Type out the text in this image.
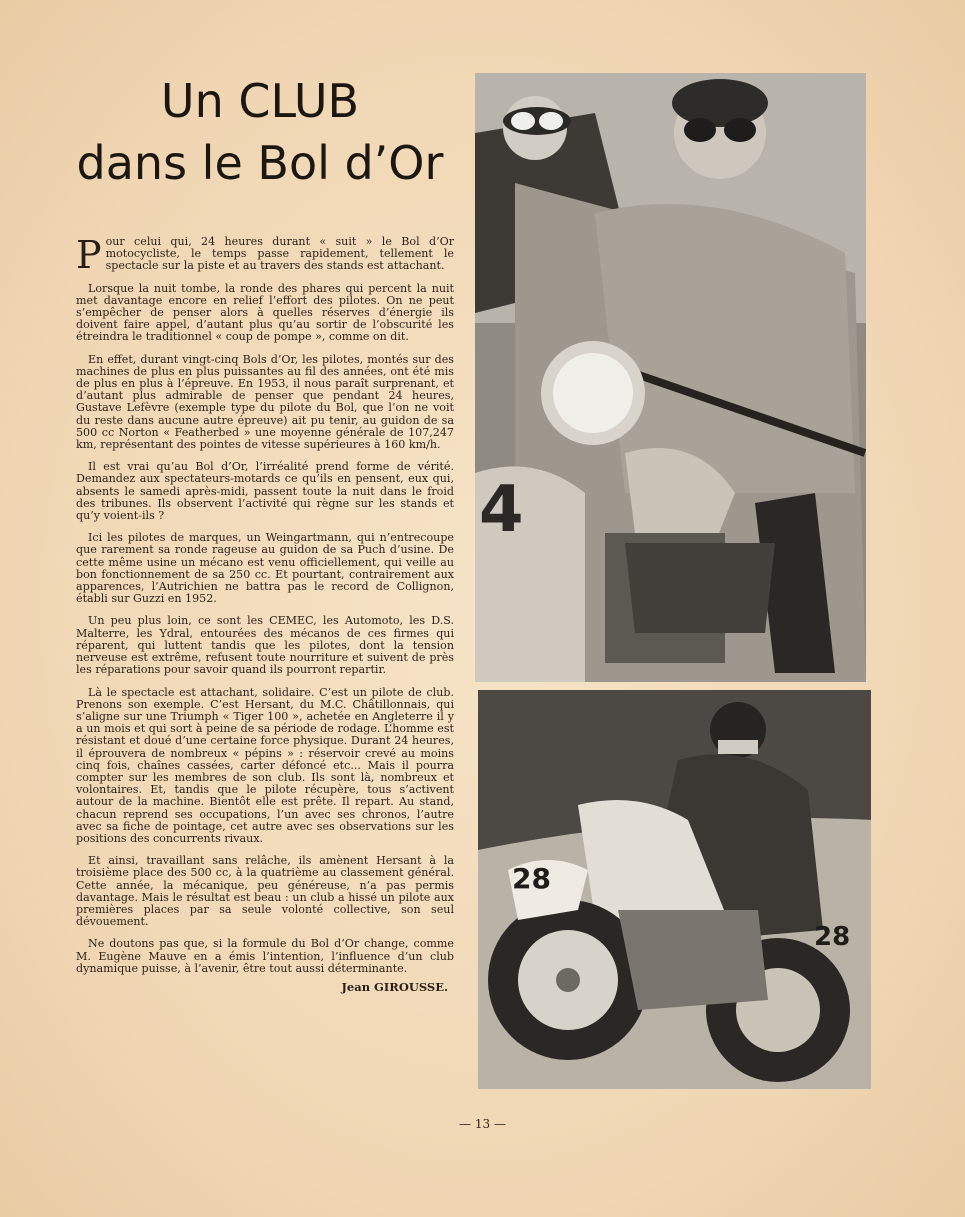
Un CLUB
dans le Bol d’Or

Pour celui qui, 24 heures durant « suit » le Bol d’Or motocycliste, le temps passe rapidement, tellement le spectacle sur la piste et au travers des stands est attachant.

Lorsque la nuit tombe, la ronde des phares qui percent la nuit met davantage encore en relief l’effort des pilotes. On ne peut s’empêcher de penser alors à quelles réserves d’énergie ils doivent faire appel, d’autant plus qu’au sortir de l’obscurité les étreindra le traditionnel « coup de pompe », comme on dit.

En effet, durant vingt-cinq Bols d’Or, les pilotes, montés sur des machines de plus en plus puissantes au fil des années, ont été mis de plus en plus à l’épreuve. En 1953, il nous paraît surprenant, et d’autant plus admirable de penser que pendant 24 heures, Gustave Lefèvre (exemple type du pilote du Bol, que l’on ne voit du reste dans aucune autre épreuve) ait pu tenir, au guidon de sa 500 cc Norton « Featherbed » une moyenne générale de 107,247 km, représentant des pointes de vitesse supérieures à 160 km/h.

Il est vrai qu’au Bol d’Or, l’irréalité prend forme de vérité. Demandez aux spectateurs-motards ce qu’ils en pensent, eux qui, absents le samedi après-midi, passent toute la nuit dans le froid des tribunes. Ils observent l’activité qui règne sur les stands et qu’y voient-ils ?

Ici les pilotes de marques, un Weingartmann, qui n’entrecoupe que rarement sa ronde rageuse au guidon de sa Puch d’usine. De cette même usine un mécano est venu officiellement, qui veille au bon fonctionnement de sa 250 cc. Et pourtant, contrairement aux apparences, l’Autrichien ne battra pas le record de Collignon, établi sur Guzzi en 1952.

Un peu plus loin, ce sont les CEMEC, les Automoto, les D.S. Malterre, les Ydral, entourées des mécanos de ces firmes qui réparent, qui luttent tandis que les pilotes, dont la tension nerveuse est extrême, refusent toute nourriture et suivent de près les réparations pour savoir quand ils pourront repartir.

Là le spectacle est attachant, solidaire. C’est un pilote de club. Prenons son exemple. C’est Hersant, du M.C. Châtillonnais, qui s’aligne sur une Triumph « Tiger 100 », achetée en Angleterre il y a un mois et qui sort à peine de sa période de rodage. L’homme est résistant et doué d’une certaine force physique. Durant 24 heures, il éprouvera de nombreux « pépins » : réservoir crevé au moins cinq fois, chaînes cassées, carter défoncé etc... Mais il pourra compter sur les membres de son club. Ils sont là, nombreux et volontaires. Et, tandis que le pilote récupère, tous s’activent autour de la machine. Bientôt elle est prête. Il repart. Au stand, chacun reprend ses occupations, l’un avec ses chronos, l’autre avec sa fiche de pointage, cet autre avec ses observations sur les positions des concurrents rivaux.

Et ainsi, travaillant sans relâche, ils amènent Hersant à la troisième place des 500 cc, à la quatrième au classement général. Cette année, la mécanique, peu généreuse, n’a pas permis davantage. Mais le résultat est beau : un club a hissé un pilote aux premières places par sa seule volonté collective, son seul dévouement.

Ne doutons pas que, si la formule du Bol d’Or change, comme M. Eugène Mauve en a émis l’intention, l’influence d’un club dynamique puisse, à l’avenir, être tout aussi déterminante.

Jean GIROUSSE.
4
28
28
— 13 —
